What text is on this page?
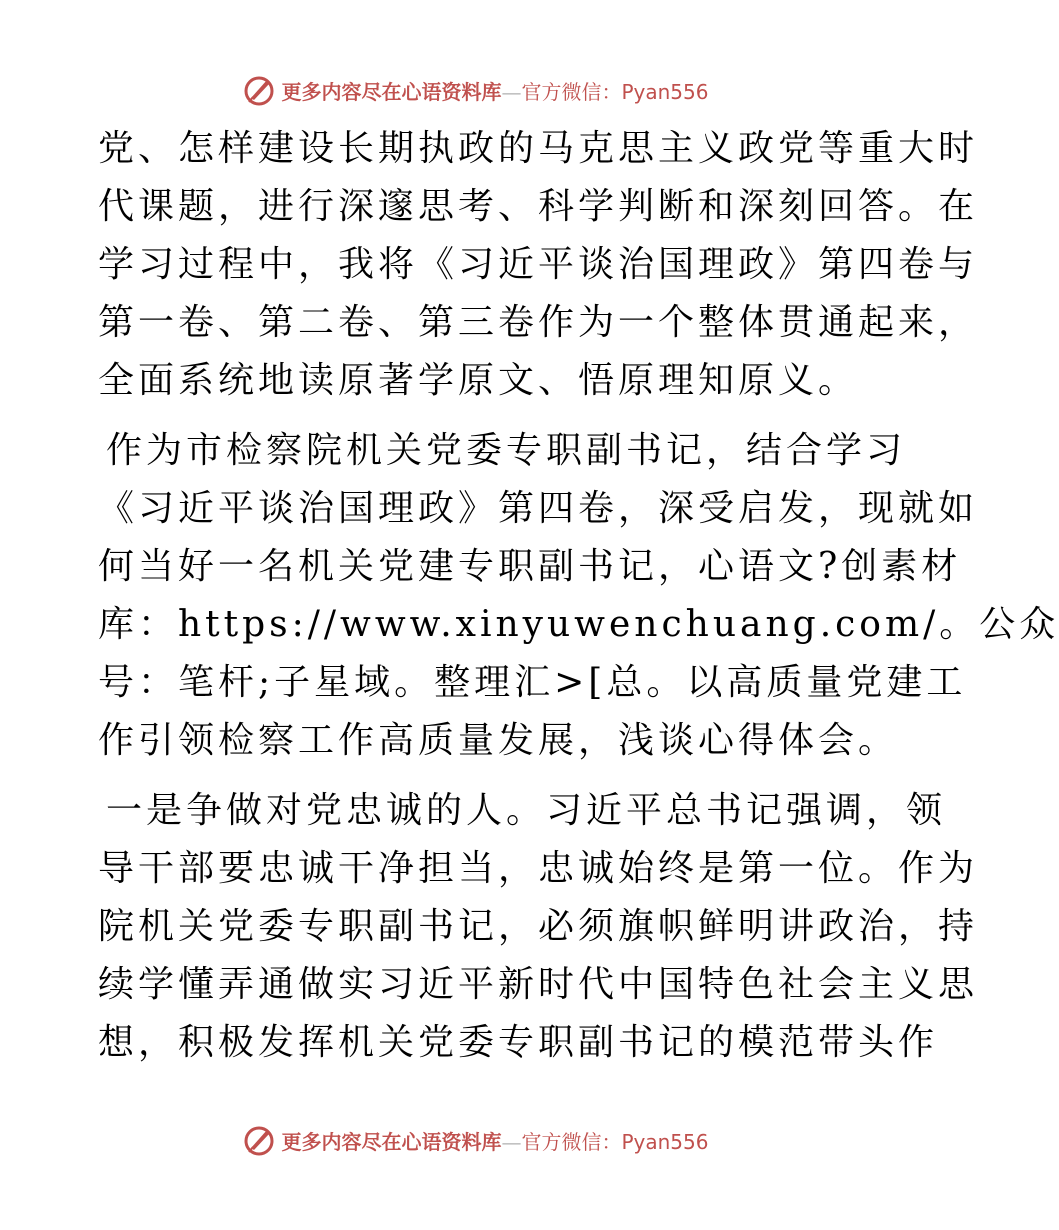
更多内容尽在心语资料库—官方微信：Pyan556
党、怎样建设长期执政的马克思主义政党等重大时
代课题，进行深邃思考、科学判断和深刻回答。在
学习过程中，我将《习近平谈治国理政》第四卷与
第一卷、第二卷、第三卷作为一个整体贯通起来，
全面系统地读原著学原文、悟原理知原义。
作为市检察院机关党委专职副书记，结合学习
《习近平谈治国理政》第四卷，深受启发，现就如
何当好一名机关党建专职副书记，心语文?创素材
库：https://www.xinyuwenchuang.com/。公众
号：笔杆;子星域。整理汇>[总。以高质量党建工
作引领检察工作高质量发展，浅谈心得体会。
一是争做对党忠诚的人。习近平总书记强调，领
导干部要忠诚干净担当，忠诚始终是第一位。作为
院机关党委专职副书记，必须旗帜鲜明讲政治，持
续学懂弄通做实习近平新时代中国特色社会主义思
想，积极发挥机关党委专职副书记的模范带头作
更多内容尽在心语资料库—官方微信：Pyan556
